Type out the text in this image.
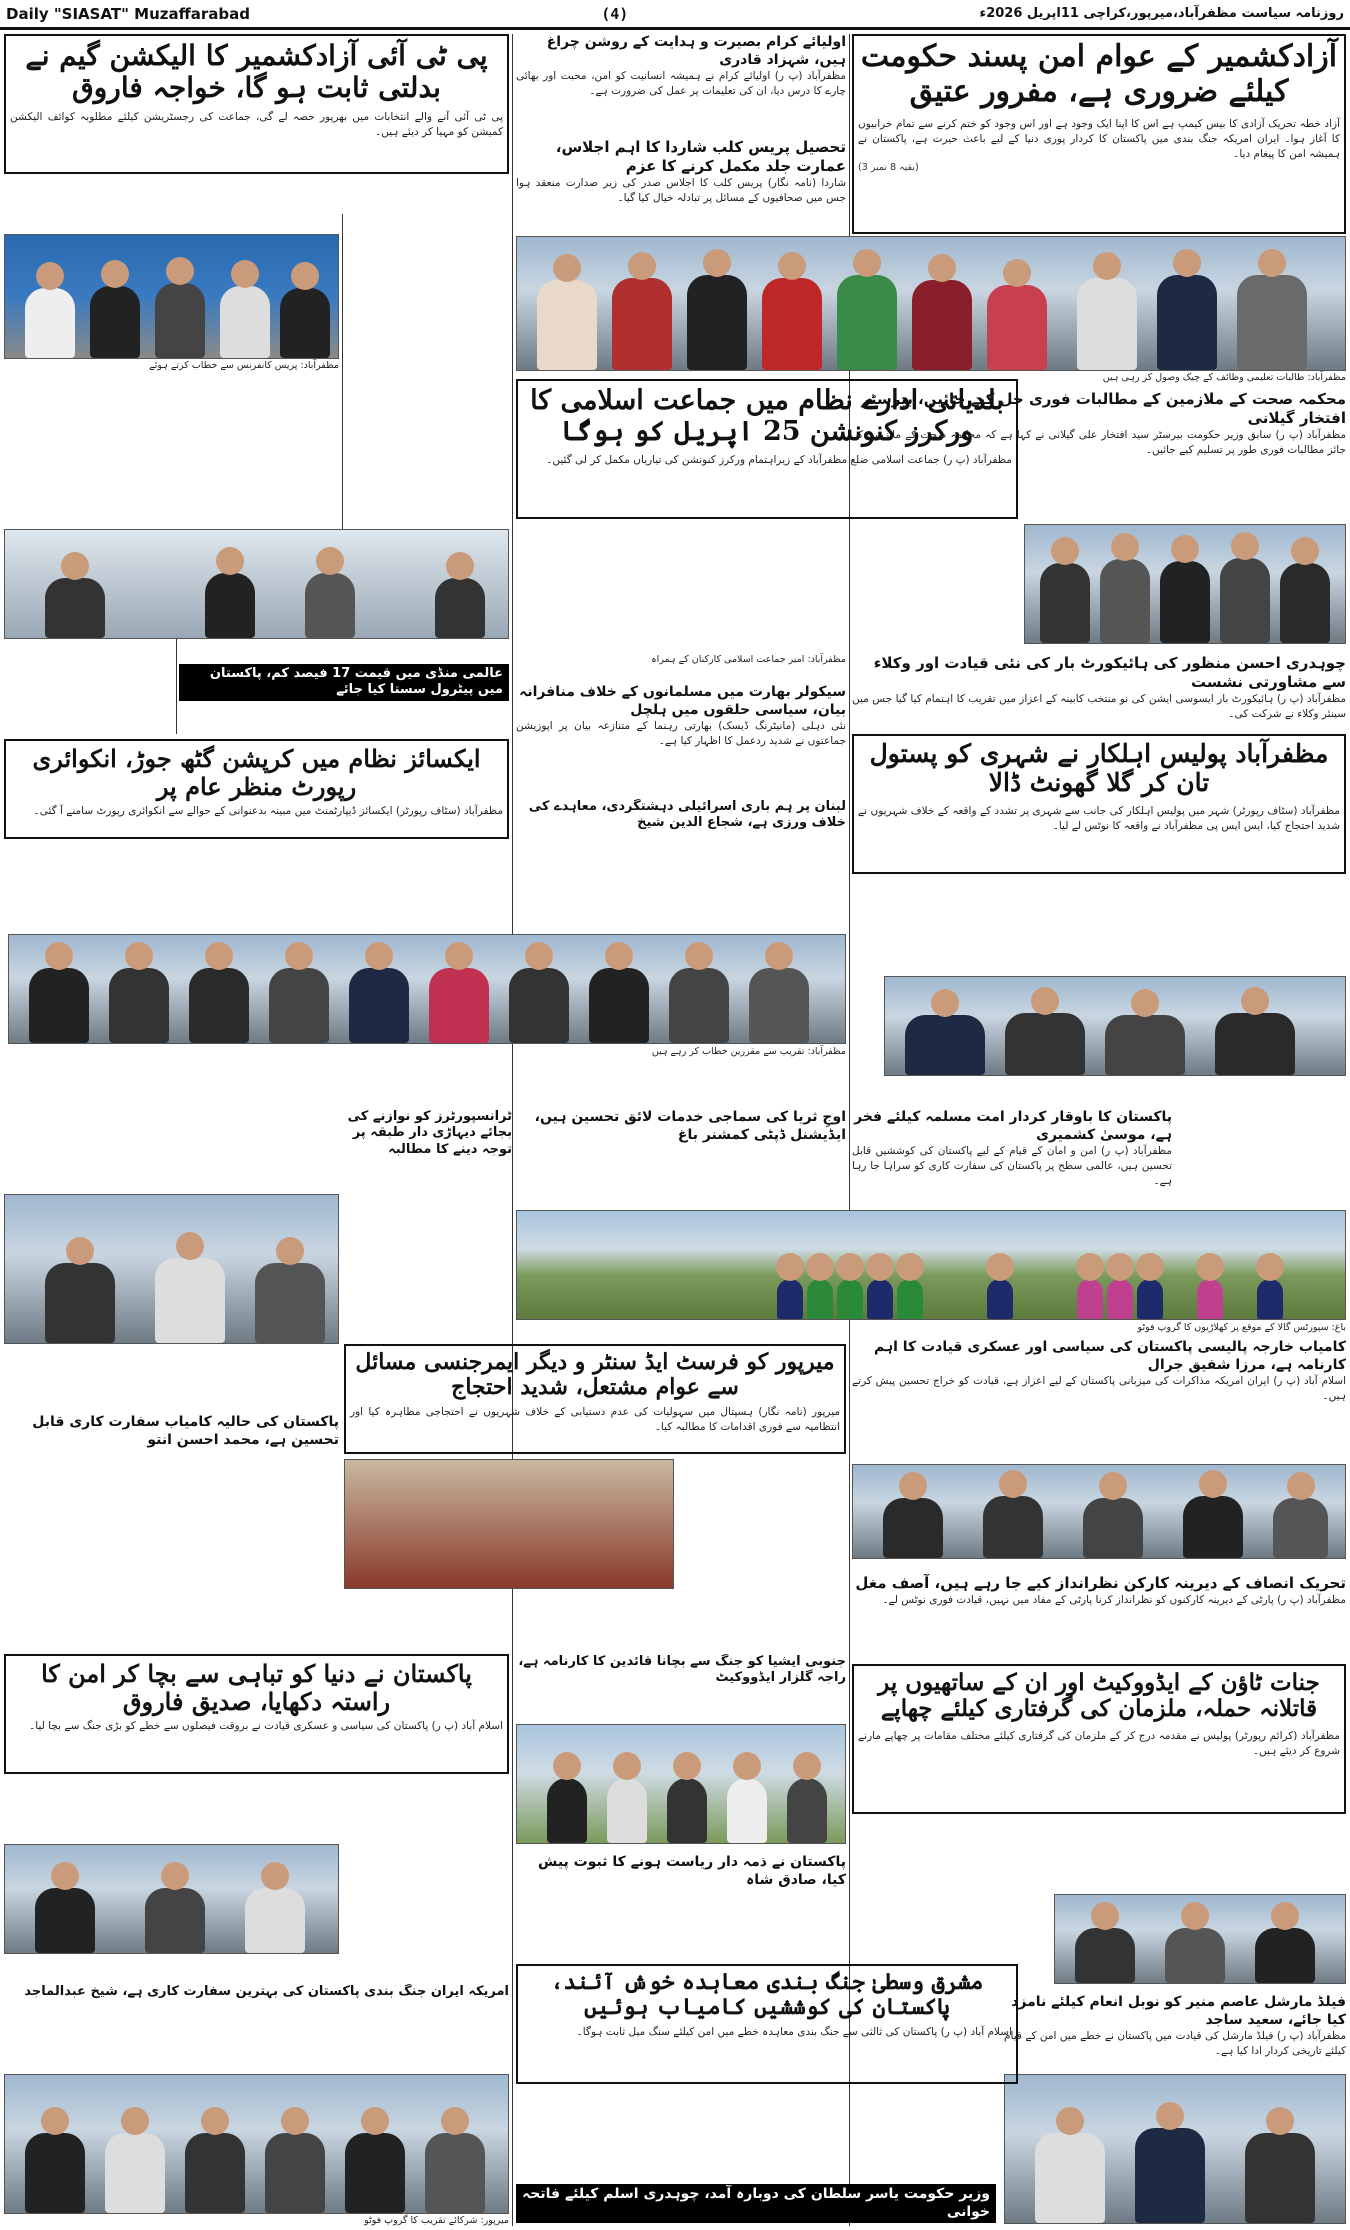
Daily "SIASAT" Muzaffarabad	(4)	روزنامہ سیاست مظفرآباد،میرپور،کراچی 11اپریل 2026ء
آزادکشمیر کے عوام امن پسند حکومت کیلئے ضروری ہے، مفرور عتیق
آزاد خطہ تحریک آزادی کا بیس کیمپ ہے اس کا اپنا ایک وجود ہے اور اس وجود کو ختم کرنے سے تمام خرابیوں کا آغاز ہوا۔ ایران امریکہ جنگ بندی میں پاکستان کا کردار پوری دنیا کے لیے باعث حیرت ہے، پاکستان نے ہمیشہ امن کا پیغام دیا۔
(بقیہ 8 نمبر 3)
مظفرآباد: طالبات تعلیمی وظائف کے چیک وصول کر رہی ہیں
محکمہ صحت کے ملازمین کے مطالبات فوری حل کیے جائیں، بیرسٹر افتخار گیلانی
مظفرآباد (پ ر) سابق وزیر حکومت بیرسٹر سید افتخار علی گیلانی نے کہا ہے کہ محکمہ صحت کے ملازمین کے جائز مطالبات فوری طور پر تسلیم کیے جائیں۔
چوہدری احسن منظور کی ہائیکورٹ بار کی نئی قیادت اور وکلاء سے مشاورتی نشست
مظفرآباد (پ ر) ہائیکورٹ بار ایسوسی ایشن کی نو منتخب کابینہ کے اعزاز میں تقریب کا اہتمام کیا گیا جس میں سینئر وکلاء نے شرکت کی۔
مظفرآباد پولیس اہلکار نے شہری کو پستول تان کر گلا گھونٹ ڈالا
مظفرآباد (سٹاف رپورٹر) شہر میں پولیس اہلکار کی جانب سے شہری پر تشدد کے واقعہ کے خلاف شہریوں نے شدید احتجاج کیا، ایس ایس پی مظفرآباد نے واقعہ کا نوٹس لے لیا۔
پاکستان کا باوقار کردار امت مسلمہ کیلئے فخر ہے، موسیٰ کشمیری
مظفرآباد (پ ر) امن و امان کے قیام کے لیے پاکستان کی کوششیں قابل تحسین ہیں، عالمی سطح پر پاکستان کی سفارت کاری کو سراہا جا رہا ہے۔
باغ: سپورٹس گالا کے موقع پر کھلاڑیوں کا گروپ فوٹو
کامیاب خارجہ پالیسی پاکستان کی سیاسی اور عسکری قیادت کا اہم کارنامہ ہے، مرزا شفیق جرال
اسلام آباد (پ ر) ایران امریکہ مذاکرات کی میزبانی پاکستان کے لیے اعزاز ہے، قیادت کو خراج تحسین پیش کرتے ہیں۔
تحریک انصاف کے دیرینہ کارکن نظرانداز کیے جا رہے ہیں، آصف مغل
مظفرآباد (پ ر) پارٹی کے دیرینہ کارکنوں کو نظرانداز کرنا پارٹی کے مفاد میں نہیں، قیادت فوری نوٹس لے۔
جنات ٹاؤن کے ایڈووکیٹ اور ان کے ساتھیوں پر قاتلانہ حملہ، ملزمان کی گرفتاری کیلئے چھاپے
مظفرآباد (کرائم رپورٹر) پولیس نے مقدمہ درج کر کے ملزمان کی گرفتاری کیلئے مختلف مقامات پر چھاپے مارنے شروع کر دیئے ہیں۔
فیلڈ مارشل عاصم منیر کو نوبل انعام کیلئے نامزد کیا جائے، سعید ساجد
مظفرآباد (پ ر) فیلڈ مارشل کی قیادت میں پاکستان نے خطے میں امن کے قیام کیلئے تاریخی کردار ادا کیا ہے۔
اولیائے کرام بصیرت و ہدایت کے روشن چراغ ہیں، شہزاد قادری
مظفرآباد (پ ر) اولیائے کرام نے ہمیشہ انسانیت کو امن، محبت اور بھائی چارے کا درس دیا، ان کی تعلیمات پر عمل کی ضرورت ہے۔
تحصیل پریس کلب شاردا کا اہم اجلاس، عمارت جلد مکمل کرنے کا عزم
شاردا (نامہ نگار) پریس کلب کا اجلاس صدر کی زیر صدارت منعقد ہوا جس میں صحافیوں کے مسائل پر تبادلہ خیال کیا گیا۔
بلدیاتی ادارے نظام میں جماعت اسلامی کا ورکرز کنونشن 25 اپریل کو ہوگا
مظفرآباد (پ ر) جماعت اسلامی ضلع مظفرآباد کے زیراہتمام ورکرز کنونشن کی تیاریاں مکمل کر لی گئیں۔
سیکولر بھارت میں مسلمانوں کے خلاف منافرانہ بیان، سیاسی حلقوں میں ہلچل
نئی دہلی (مانیٹرنگ ڈیسک) بھارتی رہنما کے متنازعہ بیان پر اپوزیشن جماعتوں نے شدید ردعمل کا اظہار کیا ہے۔
لبنان پر ہم باری اسرائیلی دہشتگردی، معاہدے کی خلاف ورزی ہے، شجاع الدین شیخ
مظفرآباد: تقریب سے مقررین خطاب کر رہے ہیں
اوجِ ثریا کی سماجی خدمات لائق تحسین ہیں، ایڈیشنل ڈپٹی کمشنر باغ
ٹرانسپورٹرز کو نوازنے کی بجائے دیہاڑی دار طبقہ پر توجہ دینے کا مطالبہ
میرپور کو فرسٹ ایڈ سنٹر و دیگر ایمرجنسی مسائل سے عوام مشتعل، شدید احتجاج
میرپور (نامہ نگار) ہسپتال میں سہولیات کی عدم دستیابی کے خلاف شہریوں نے احتجاجی مظاہرہ کیا اور انتظامیہ سے فوری اقدامات کا مطالبہ کیا۔
جنوبی ایشیا کو جنگ سے بچانا قائدین کا کارنامہ ہے، راجہ گلزار ایڈووکیٹ
پاکستان نے ذمہ دار ریاست ہونے کا ثبوت پیش کیا، صادق شاہ
مشرق وسطیٰ جنگ بندی معاہدہ خوش آئند، پاکستان کی کوششیں کامیاب ہوئیں
اسلام آباد (پ ر) پاکستان کی ثالثی سے جنگ بندی معاہدہ خطے میں امن کیلئے سنگ میل ثابت ہوگا۔
وزیر حکومت یاسر سلطان کی دوبارہ آمد، چوہدری اسلم کیلئے فاتحہ خوانی
پی ٹی آئی آزادکشمیر کا الیکشن گیم نے بدلتی ثابت ہو گا، خواجہ فاروق
پی ٹی آئی آنے والے انتخابات میں بھرپور حصہ لے گی، جماعت کی رجسٹریشن کیلئے مطلوبہ کوائف الیکشن کمیشن کو مہیا کر دیئے ہیں۔
مظفرآباد: پریس کانفرنس سے خطاب کرتے ہوئے
عالمی منڈی میں قیمت 17 فیصد کم، پاکستان میں پیٹرول سستا کیا جائے
ایکسائز نظام میں کرپشن گٹھ جوڑ، انکوائری رپورٹ منظر عام پر
مظفرآباد (سٹاف رپورٹر) ایکسائز ڈیپارٹمنٹ میں مبینہ بدعنوانی کے حوالے سے انکوائری رپورٹ سامنے آ گئی۔
پاکستان کی حالیہ کامیاب سفارت کاری قابل تحسین ہے، محمد احسن انتو
پاکستان نے دنیا کو تباہی سے بچا کر امن کا راستہ دکھایا، صدیق فاروق
اسلام آباد (پ ر) پاکستان کی سیاسی و عسکری قیادت نے بروقت فیصلوں سے خطے کو بڑی جنگ سے بچا لیا۔
امریکہ ایران جنگ بندی پاکستان کی بہترین سفارت کاری ہے، شیخ عبدالماجد
میرپور: شرکائے تقریب کا گروپ فوٹو
مظفرآباد: امیر جماعت اسلامی کارکنان کے ہمراہ
